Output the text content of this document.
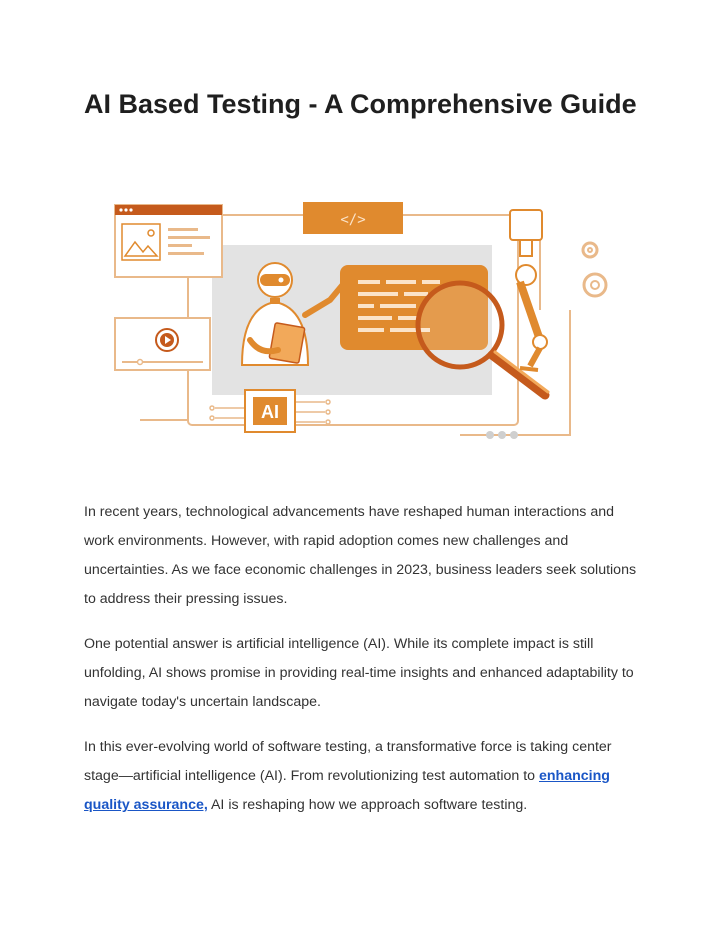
AI Based Testing - A Comprehensive Guide
</>
AI

In recent years, technological advancements have reshaped human interactions and work environments. However, with rapid adoption comes new challenges and uncertainties. As we face economic challenges in 2023, business leaders seek solutions to address their pressing issues.

One potential answer is artificial intelligence (AI). While its complete impact is still unfolding, AI shows promise in providing real-time insights and enhanced adaptability to navigate today's uncertain landscape.

In this ever-evolving world of software testing, a transformative force is taking center stage—artificial intelligence (AI). From revolutionizing test automation to enhancing quality assurance, AI is reshaping how we approach software testing.
